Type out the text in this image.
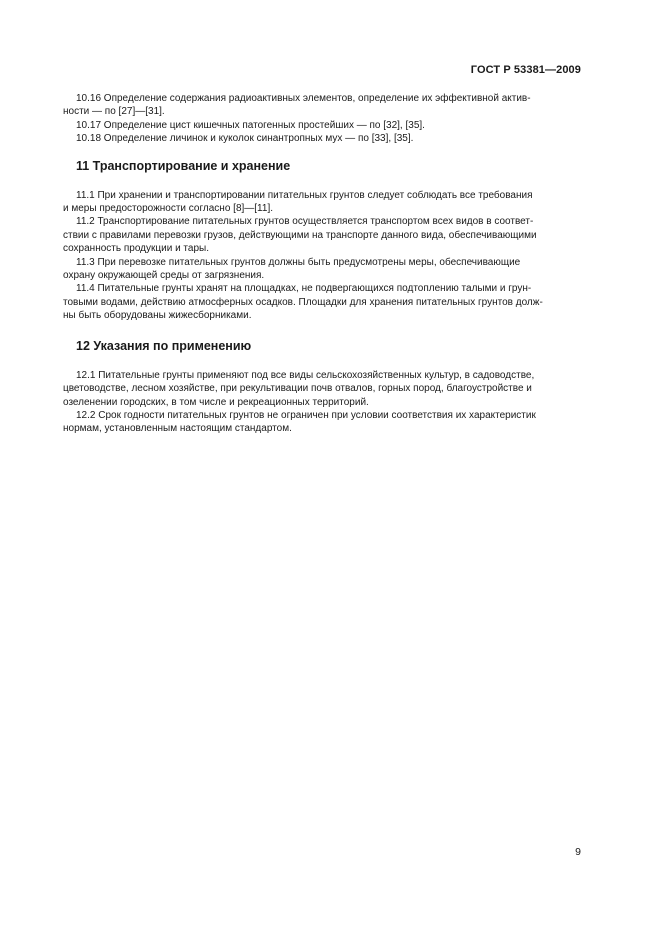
ГОСТ Р 53381—2009
10.16 Определение содержания радиоактивных элементов, определение их эффективной актив-
ности — по [27]—[31].
10.17 Определение цист кишечных патогенных простейших — по [32], [35].
10.18 Определение личинок и куколок синантропных мух — по [33], [35].
11 Транспортирование и хранение
11.1 При хранении и транспортировании питательных грунтов следует соблюдать все требования
и меры предосторожности согласно [8]—[11].
11.2 Транспортирование питательных грунтов осуществляется транспортом всех видов в соответ-
ствии с правилами перевозки грузов, действующими на транспорте данного вида, обеспечивающими
сохранность продукции и тары.
11.3 При перевозке питательных грунтов должны быть предусмотрены меры, обеспечивающие
охрану окружающей среды от загрязнения.
11.4 Питательные грунты хранят на площадках, не подвергающихся подтоплению талыми и грун-
товыми водами, действию атмосферных осадков. Площадки для хранения питательных грунтов долж-
ны быть оборудованы жижесборниками.
12 Указания по применению
12.1 Питательные грунты применяют под все виды сельскохозяйственных культур, в садоводстве,
цветоводстве, лесном хозяйстве, при рекультивации почв отвалов, горных пород, благоустройстве и
озеленении городских, в том числе и рекреационных территорий.
12.2 Срок годности питательных грунтов не ограничен при условии соответствия их характеристик
нормам, установленным настоящим стандартом.
9
